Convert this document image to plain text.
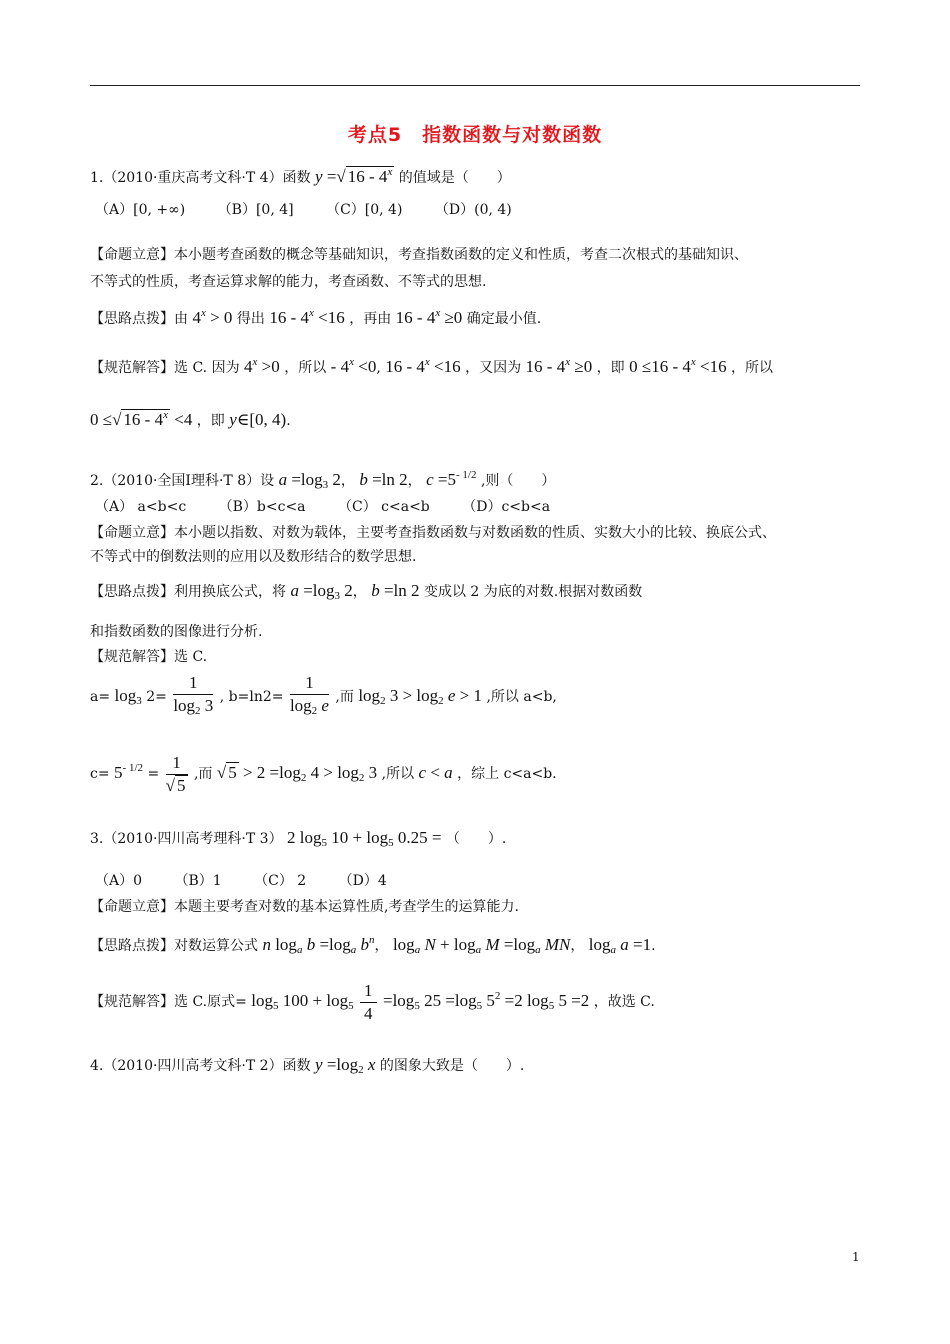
考点5　指数函数与对数函数
1.（2010·重庆高考文科·T 4）函数 y =√ 16 - 4$^x$ 的值域是（　　）
（A）[0, +∞) （B）[0, 4] （C）[0, 4) （D）(0, 4)
【命题立意】本小题考查函数的概念等基础知识，考查指数函数的定义和性质，考查二次根式的基础知识、
不等式的性质，考查运算求解的能力，考查函数、不等式的思想.
【思路点拨】由 $4^x > 0$ 得出 $16 - 4^x <16$ ，再由 $16 - 4^x \ge 0$ 确定最小值.
【规范解答】选 C. 因为 $4^x >0$ ，所以 - $4^x <0$, $16 - 4^x <16$ ，又因为 $16 - 4^x \ge 0$ ，即 $0 \le 16 - 4^x <16$ ，所以
0 ≤√ $16 - 4^x <4$ ，即 y∈[0, 4).
2.（2010·全国Ⅰ理科·T 8）设 $a =\log_3$ 2， b =ln 2， $c =5^{- 1/2}$ ,则（　　）
（A） a<b<c （B）b<c<a （C） c<a<b （D）c<b<a
【命题立意】本小题以指数、对数为载体，主要考查指数函数与对数函数的性质、实数大小的比较、换底公式、
不等式中的倒数法则的应用以及数形结合的数学思想.
【思路点拨】利用换底公式，将 $a =\log_3$ 2， b =ln 2 变成以 2 为底的对数.根据对数函数
和指数函数的图像进行分析.
【规范解答】选 C.
$a= \log_3 2= \frac{1}{\log_2 3}$ , $b=\ln 2= \frac{1}{\log_2 e}$ ,而 $\log_2 3 > \log_2 e > 1$ ,所以 a<b,
$c= 5^{- 1/2} = \frac{1}{√ 5}$ ,而 √ $5 > 2 =\log_2$ $4 > \log_2 3$ ,所以 c < a ，综上 c<a<b.
3.（2010·四川高考理科·T 3） 2 $\log_5 10 + \log_5 0.25$ = （　　）.
（A）0 （B）1 （C） 2 （D）4
【命题立意】本题主要考查对数的基本运算性质,考查学生的运算能力.
【思路点拨】对数运算公式 n $\log_a b =\log_a$ $b^n$， $\log_a N + \log_a M =\log_a$ MN， $\log_a a =1$.
【规范解答】选 C.原式= $\log_5 100 + \log_5 \frac{1}{4} =\log_5$ $25 =\log_5$ $5^2 =2$ $\log_5 5 =2$ ，故选 C.
4.（2010·四川高考文科·T 2）函数 $y =\log_2$ x 的图象大致是（　　）.
1
